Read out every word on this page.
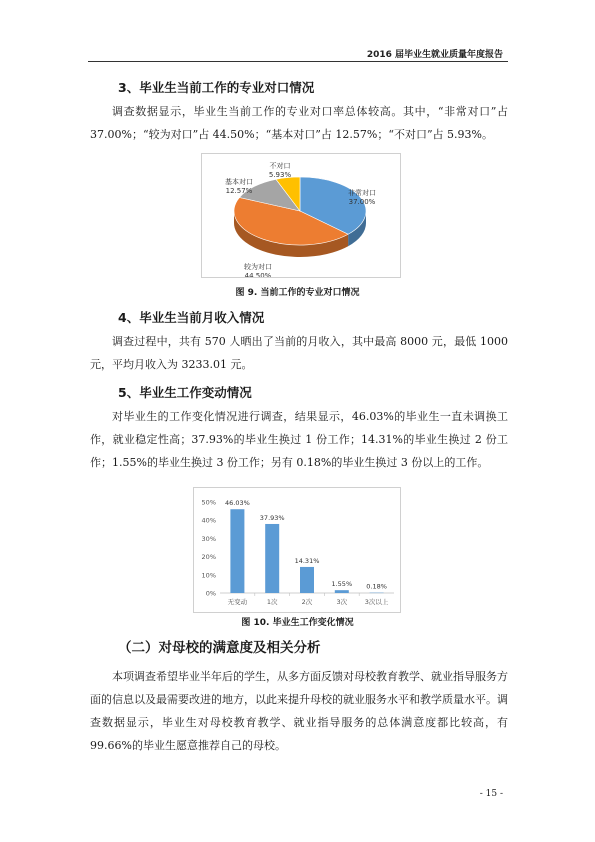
2016 届毕业生就业质量年度报告
3、毕业生当前工作的专业对口情况
调查数据显示，毕业生当前工作的专业对口率总体较高。其中，“非常对口”占 37.00%；“较为对口”占 44.50%；“基本对口”占 12.57%；“不对口”占 5.93%。
非常对口
37.00%
较为对口
44.50%
基本对口
12.57%
不对口
5.93%
图 9. 当前工作的专业对口情况
4、毕业生当前月收入情况
调查过程中，共有 570 人晒出了当前的月收入，其中最高 8000 元，最低 1000 元，平均月收入为 3233.01 元。
5、毕业生工作变动情况
对毕业生的工作变化情况进行调查，结果显示，46.03%的毕业生一直未调换工作，就业稳定性高；37.93%的毕业生换过 1 份工作；14.31%的毕业生换过 2 份工作；1.55%的毕业生换过 3 份工作；另有 0.18%的毕业生换过 3 份以上的工作。
0%
10%
20%
30%
40%
50% 46.03%
无变动
37.93%
1次
14.31%
2次
1.55%
3次
0.18%
3次以上
图 10. 毕业生工作变化情况
（二）对母校的满意度及相关分析
本项调查希望毕业半年后的学生，从多方面反馈对母校教育教学、就业指导服务方面的信息以及最需要改进的地方，以此来提升母校的就业服务水平和教学质量水平。调查数据显示，毕业生对母校教育教学、就业指导服务的总体满意度都比较高，有 99.66%的毕业生愿意推荐自己的母校。
- 15 -
